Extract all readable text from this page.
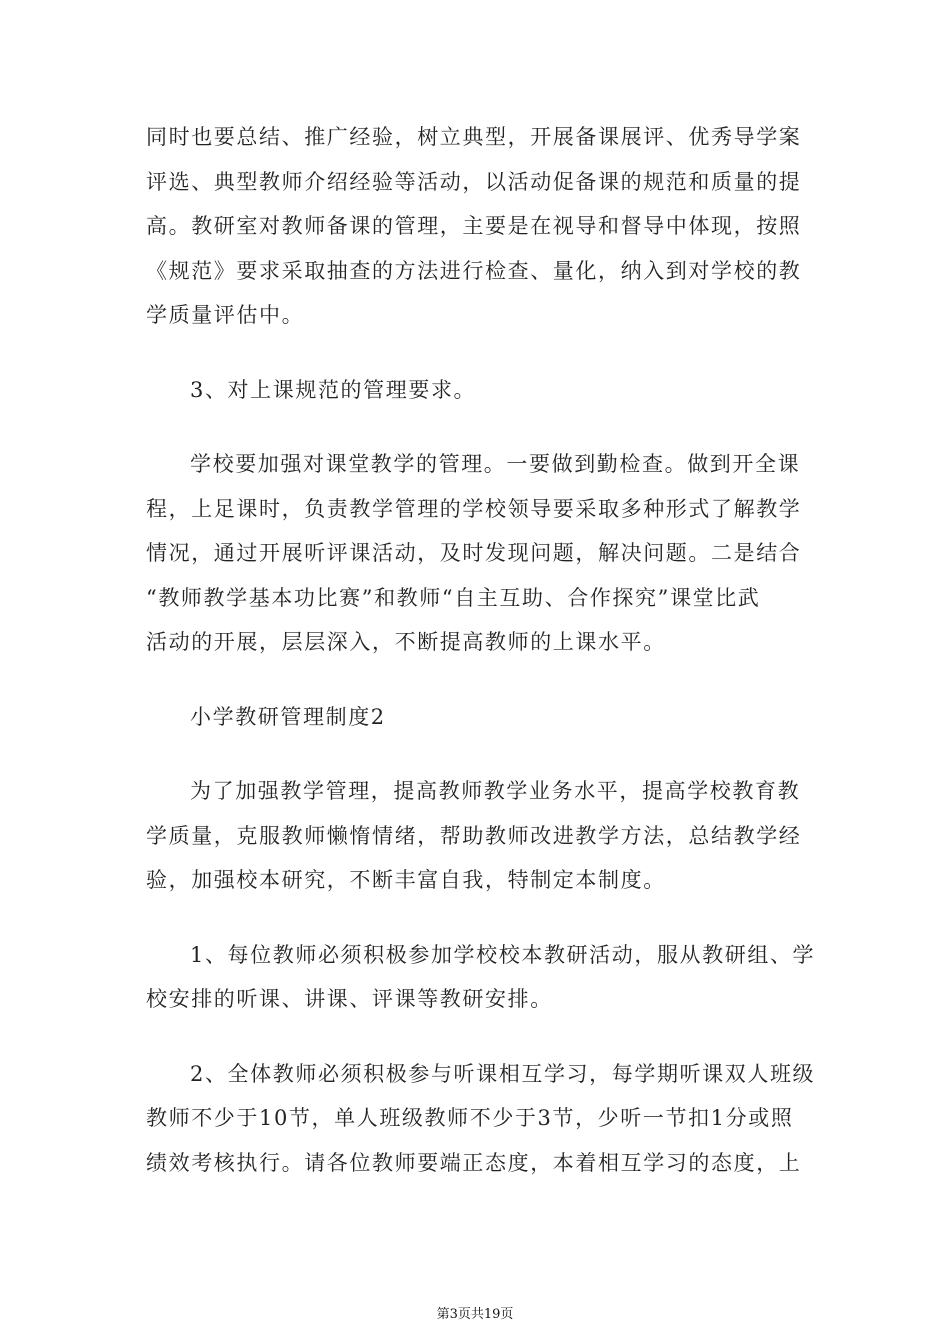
同时也要总结、推广经验，树立典型，开展备课展评、优秀导学案
评选、典型教师介绍经验等活动，以活动促备课的规范和质量的提
高。教研室对教师备课的管理，主要是在视导和督导中体现，按照
《规范》要求采取抽查的方法进行检查、量化，纳入到对学校的教
学质量评估中。

3、对上课规范的管理要求。

学校要加强对课堂教学的管理。一要做到勤检查。做到开全课
程，上足课时，负责教学管理的学校领导要采取多种形式了解教学
情况，通过开展听评课活动，及时发现问题，解决问题。二是结合
“教师教学基本功比赛”和教师“自主互助、合作探究”课堂比武
活动的开展，层层深入，不断提高教师的上课水平。

小学教研管理制度2

为了加强教学管理，提高教师教学业务水平，提高学校教育教
学质量，克服教师懒惰情绪，帮助教师改进教学方法，总结教学经
验，加强校本研究，不断丰富自我，特制定本制度。

1、每位教师必须积极参加学校校本教研活动，服从教研组、学
校安排的听课、讲课、评课等教研安排。

2、全体教师必须积极参与听课相互学习，每学期听课双人班级
教师不少于10节，单人班级教师不少于3节，少听一节扣1分或照
绩效考核执行。请各位教师要端正态度，本着相互学习的态度，上

第3页共19页
